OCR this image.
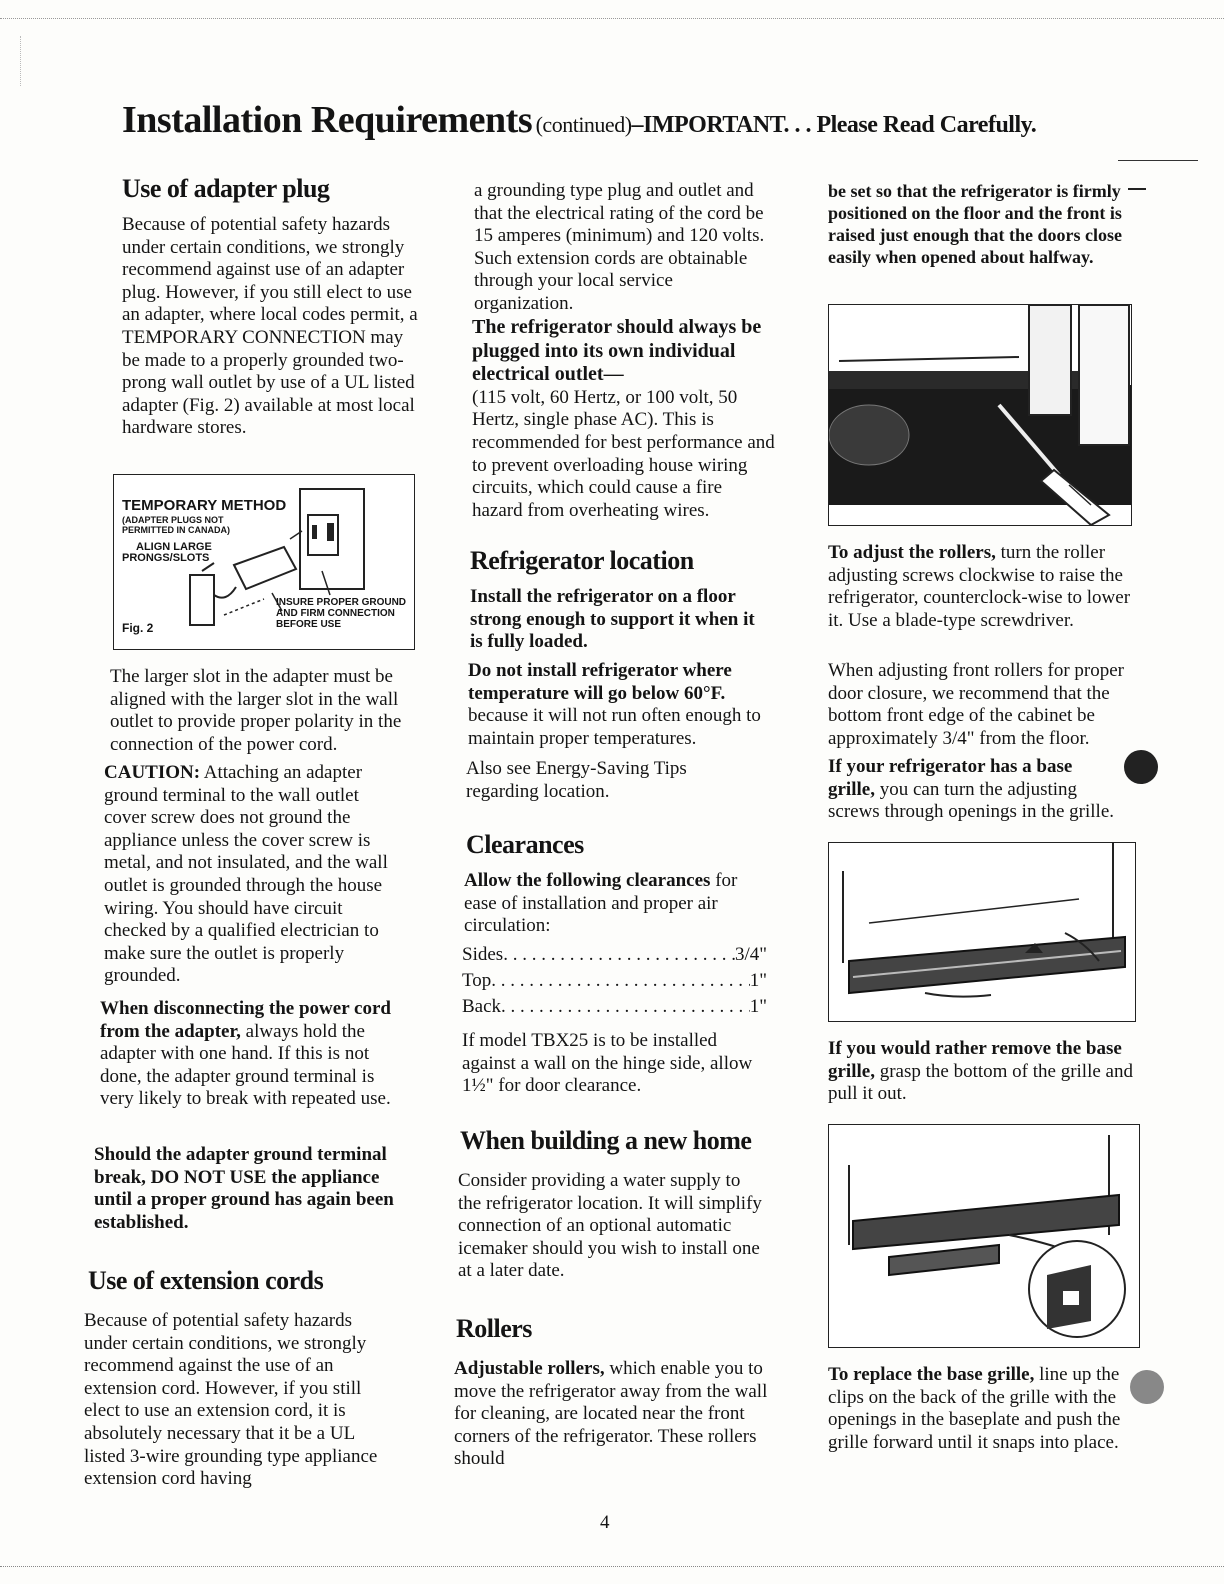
Installation Requirements (continued)–IMPORTANT. . . Please Read Carefully.
Use of adapter plug
Because of potential safety hazards under certain conditions, we strongly recommend against use of an adapter plug. However, if you still elect to use an adapter, where local codes permit, a TEMPORARY CONNECTION may be made to a properly grounded two-prong wall outlet by use of a UL listed adapter (Fig. 2) available at most local hardware stores.
TEMPORARY METHOD
(ADAPTER PLUGS NOT
PERMITTED IN CANADA)
ALIGN LARGE
PRONGS/SLOTS
INSURE PROPER GROUND
AND FIRM CONNECTION
BEFORE USE
Fig. 2
The larger slot in the adapter must be aligned with the larger slot in the wall outlet to provide proper polarity in the connection of the power cord.
CAUTION: Attaching an adapter ground terminal to the wall outlet cover screw does not ground the appliance unless the cover screw is metal, and not insulated, and the wall outlet is grounded through the house wiring. You should have circuit checked by a qualified electrician to make sure the outlet is properly grounded.
When disconnecting the power cord from the adapter, always hold the adapter with one hand. If this is not done, the adapter ground terminal is very likely to break with repeated use.
Should the adapter ground terminal break, DO NOT USE the appliance until a proper ground has again been established.
Use of extension cords
Because of potential safety hazards under certain conditions, we strongly recommend against the use of an extension cord. However, if you still elect to use an extension cord, it is absolutely necessary that it be a UL listed 3-wire grounding type appliance extension cord having
a grounding type plug and outlet and that the electrical rating of the cord be 15 amperes (minimum) and 120 volts. Such extension cords are obtainable through your local service organization.
The refrigerator should always be plugged into its own individual electrical outlet—
(115 volt, 60 Hertz, or 100 volt, 50 Hertz, single phase AC). This is recommended for best performance and to prevent overloading house wiring circuits, which could cause a fire hazard from overheating wires.
Refrigerator location
Install the refrigerator on a floor strong enough to support it when it is fully loaded.
Do not install refrigerator where temperature will go below 60°F. because it will not run often enough to maintain proper temperatures.
Also see Energy-Saving Tips regarding location.
Clearances
Allow the following clearances for ease of installation and proper air circulation:
Sides . . .	3/4"
Top . . .	1"
Back . . .	1"
If model TBX25 is to be installed against a wall on the hinge side, allow 1½" for door clearance.
When building a new home
Consider providing a water supply to the refrigerator location. It will simplify connection of an optional automatic icemaker should you wish to install one at a later date.
Rollers
Adjustable rollers, which enable you to move the refrigerator away from the wall for cleaning, are located near the front corners of the refrigerator. These rollers should
be set so that the refrigerator is firmly positioned on the floor and the front is raised just enough that the doors close easily when opened about halfway.
To adjust the rollers, turn the roller adjusting screws clockwise to raise the refrigerator, counterclock-wise to lower it. Use a blade-type screwdriver.
When adjusting front rollers for proper door closure, we recommend that the bottom front edge of the cabinet be approximately 3/4" from the floor.
If your refrigerator has a base grille, you can turn the adjusting screws through openings in the grille.
If you would rather remove the base grille, grasp the bottom of the grille and pull it out.
To replace the base grille, line up the clips on the back of the grille with the openings in the baseplate and push the grille forward until it snaps into place.
4
